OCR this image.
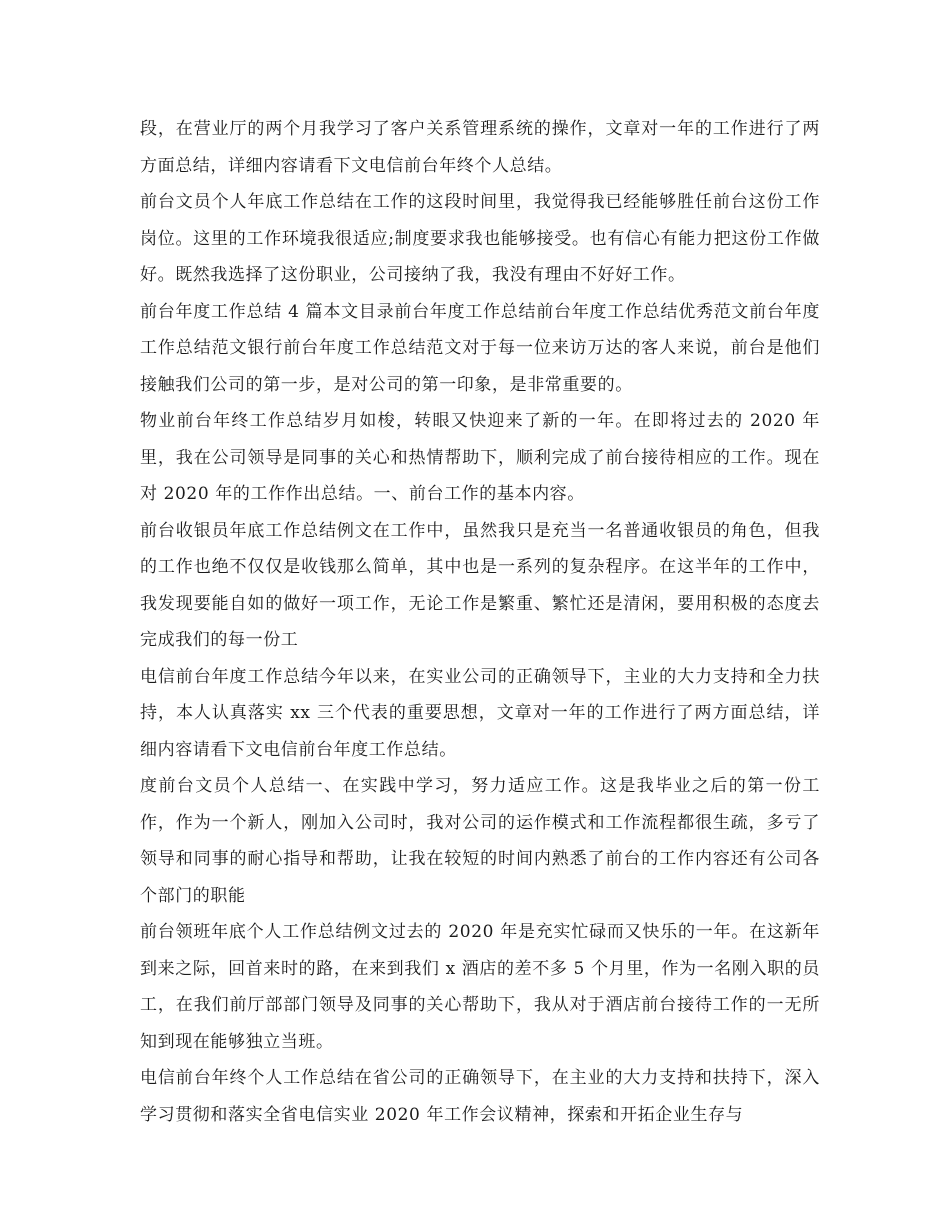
段，在营业厅的两个月我学习了客户关系管理系统的操作，文章对一年的工作进行了两方面总结，详细内容请看下文电信前台年终个人总结。

前台文员个人年底工作总结在工作的这段时间里，我觉得我已经能够胜任前台这份工作岗位。这里的工作环境我很适应;制度要求我也能够接受。也有信心有能力把这份工作做好。既然我选择了这份职业，公司接纳了我，我没有理由不好好工作。

前台年度工作总结 4 篇本文目录前台年度工作总结前台年度工作总结优秀范文前台年度工作总结范文银行前台年度工作总结范文对于每一位来访万达的客人来说，前台是他们接触我们公司的第一步，是对公司的第一印象，是非常重要的。

物业前台年终工作总结岁月如梭，转眼又快迎来了新的一年。在即将过去的 2020 年里，我在公司领导是同事的关心和热情帮助下，顺利完成了前台接待相应的工作。现在对 2020 年的工作作出总结。一、前台工作的基本内容。

前台收银员年底工作总结例文在工作中，虽然我只是充当一名普通收银员的角色，但我的工作也绝不仅仅是收钱那么简单，其中也是一系列的复杂程序。在这半年的工作中，我发现要能自如的做好一项工作，无论工作是繁重、繁忙还是清闲，要用积极的态度去完成我们的每一份工

电信前台年度工作总结今年以来，在实业公司的正确领导下，主业的大力支持和全力扶持，本人认真落实 xx 三个代表的重要思想，文章对一年的工作进行了两方面总结，详细内容请看下文电信前台年度工作总结。

度前台文员个人总结一、在实践中学习，努力适应工作。这是我毕业之后的第一份工作，作为一个新人，刚加入公司时，我对公司的运作模式和工作流程都很生疏，多亏了领导和同事的耐心指导和帮助，让我在较短的时间内熟悉了前台的工作内容还有公司各个部门的职能

前台领班年底个人工作总结例文过去的 2020 年是充实忙碌而又快乐的一年。在这新年到来之际，回首来时的路，在来到我们 x 酒店的差不多 5 个月里，作为一名刚入职的员工，在我们前厅部部门领导及同事的关心帮助下，我从对于酒店前台接待工作的一无所知到现在能够独立当班。

电信前台年终个人工作总结在省公司的正确领导下，在主业的大力支持和扶持下，深入学习贯彻和落实全省电信实业 2020 年工作会议精神，探索和开拓企业生存与
